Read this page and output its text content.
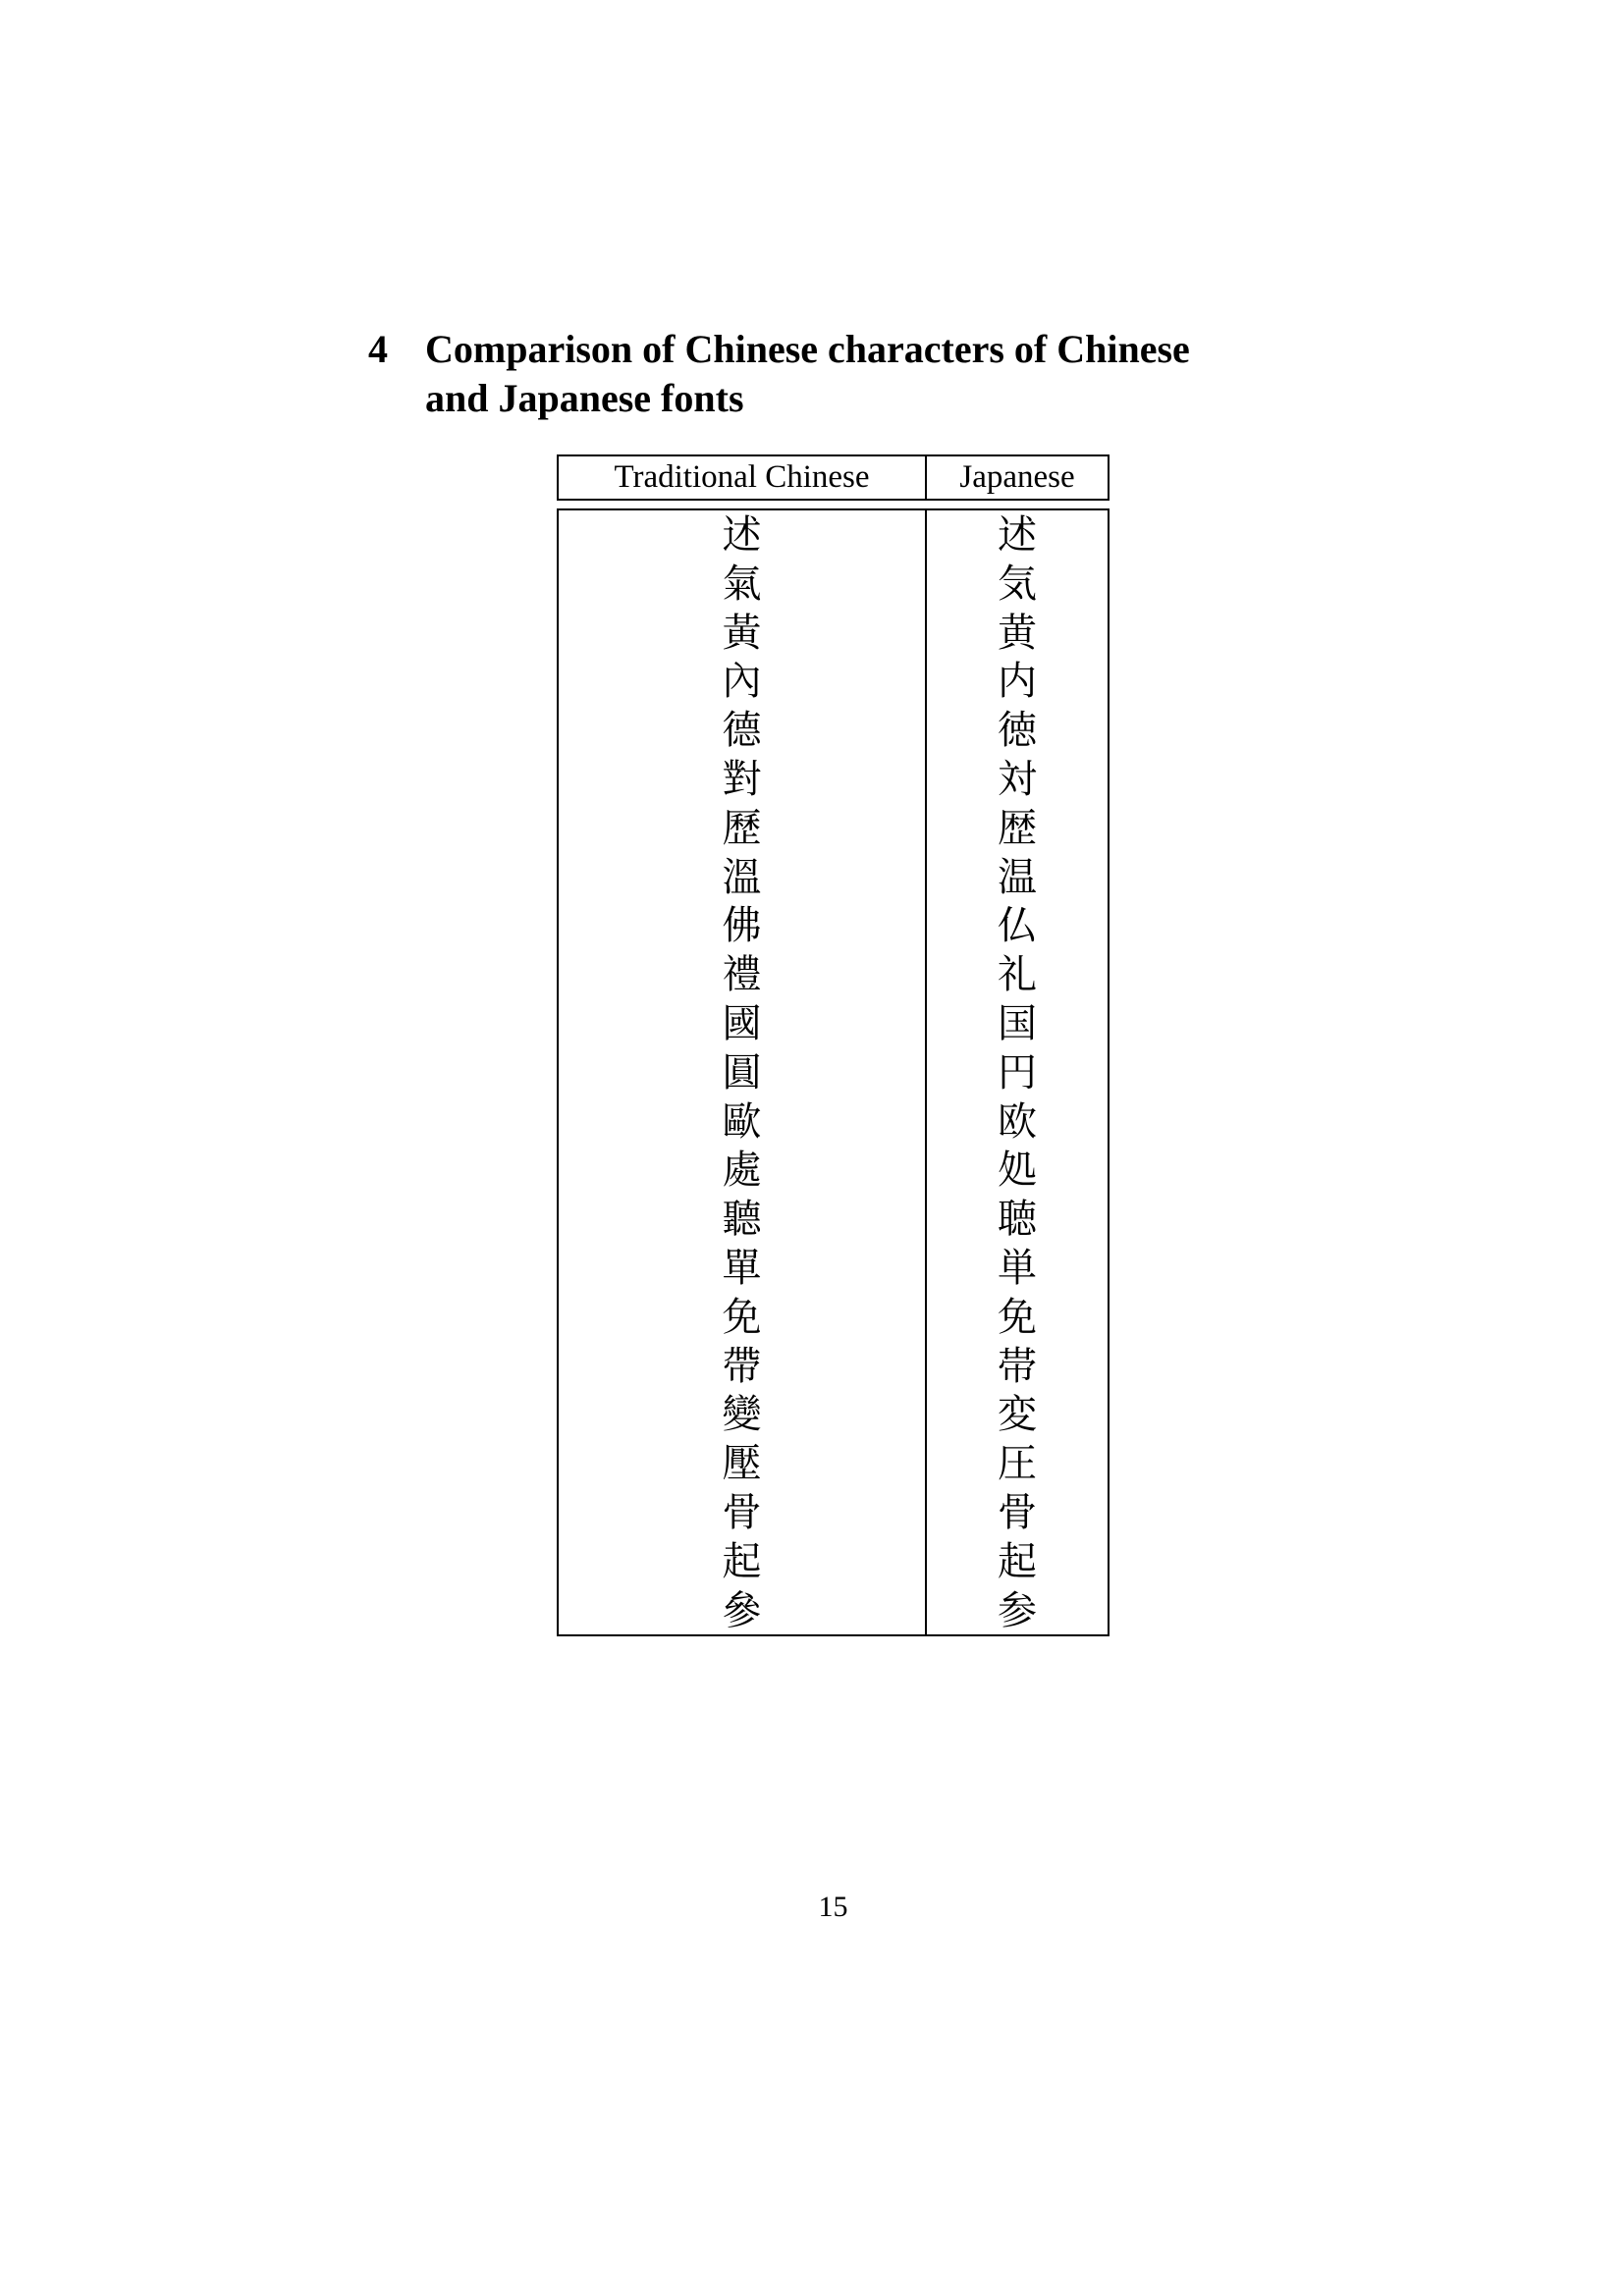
4 Comparison of Chinese characters of Chinese
and Japanese fonts
Traditional Chinese	Japanese
述	述
氣	気
黃	黄
內	内
德	徳
對	対
歷	歴
溫	温
佛	仏
禮	礼
國	国
圓	円
歐	欧
處	処
聽	聴
單	単
免	免
帶	帯
變	変
壓	圧
骨	骨
起	起
參	参
15
